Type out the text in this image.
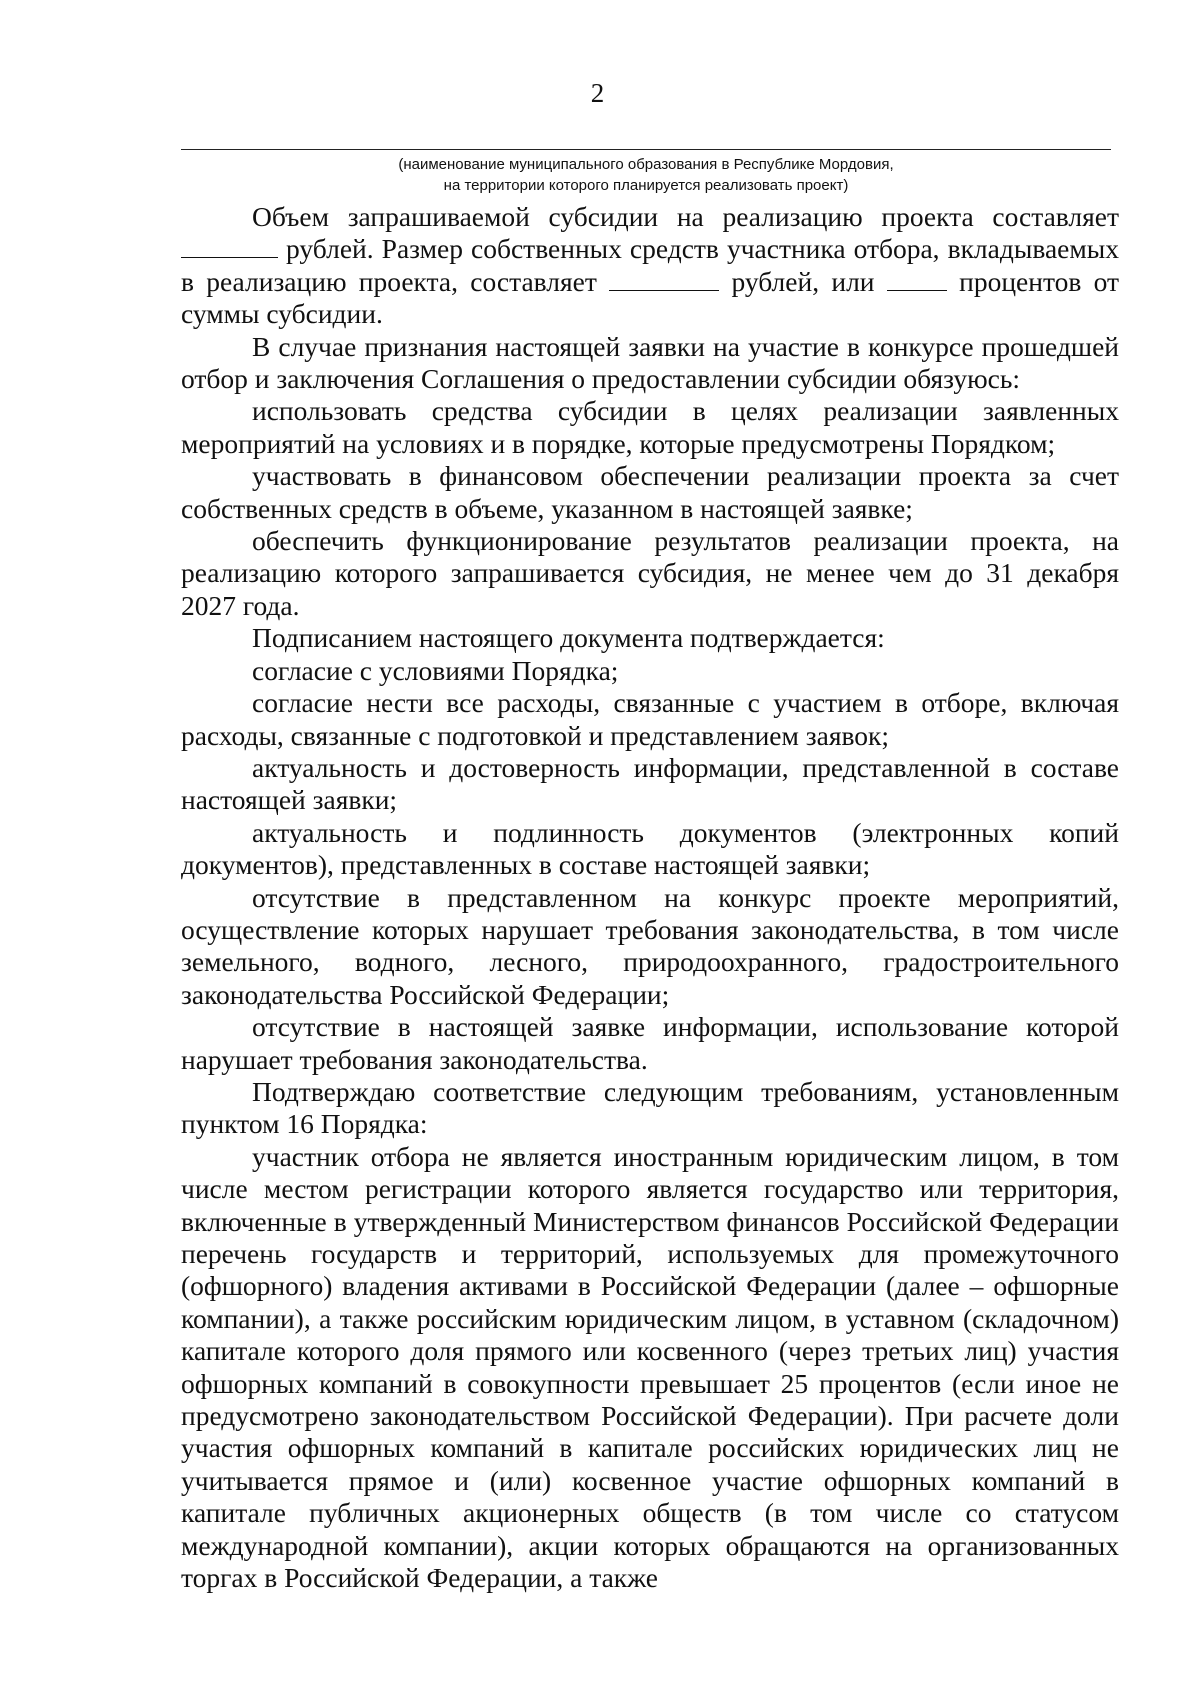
2
(наименование муниципального образования в Республике Мордовия,
на территории которого планируется реализовать проект)

Объем запрашиваемой субсидии на реализацию проекта составляет  рублей. Размер собственных средств участника отбора, вкладываемых в реализацию проекта, составляет	рублей, или	процентов от суммы субсидии.

В случае признания настоящей заявки на участие в конкурсе прошедшей отбор и заключения Соглашения о предоставлении субсидии обязуюсь:

использовать средства субсидии в целях реализации заявленных мероприятий на условиях и в порядке, которые предусмотрены Порядком;

участвовать в финансовом обеспечении реализации проекта за счет собственных средств в объеме, указанном в настоящей заявке;

обеспечить функционирование результатов реализации проекта, на реализацию которого запрашивается субсидия, не менее чем до 31 декабря 2027 года.

Подписанием настоящего документа подтверждается:

согласие с условиями Порядка;

согласие нести все расходы, связанные с участием в отборе, включая расходы, связанные с подготовкой и представлением заявок;

актуальность и достоверность информации, представленной в составе настоящей заявки;

актуальность и подлинность документов (электронных копий документов), представленных в составе настоящей заявки;

отсутствие в представленном на конкурс проекте мероприятий, осуществление которых нарушает требования законодательства, в том числе земельного, водного, лесного, природоохранного, градостроительного законодательства Российской Федерации;

отсутствие в настоящей заявке информации, использование которой нарушает требования законодательства.

Подтверждаю соответствие следующим требованиям, установленным пунктом 16 Порядка:

участник отбора не является иностранным юридическим лицом, в том числе местом регистрации которого является государство или территория, включенные в утвержденный Министерством финансов Российской Федерации перечень государств и территорий, используемых для промежуточного (офшорного) владения активами в Российской Федерации (далее – офшорные компании), а также российским юридическим лицом, в уставном (складочном) капитале которого доля прямого или косвенного (через третьих лиц) участия офшорных компаний в совокупности превышает 25 процентов (если иное не предусмотрено законодательством Российской Федерации). При расчете доли участия офшорных компаний в капитале российских юридических лиц не учитывается прямое и (или) косвенное участие офшорных компаний в капитале публичных акционерных обществ (в том числе со статусом международной компании), акции которых обращаются на организованных торгах в Российской Федерации, а также
